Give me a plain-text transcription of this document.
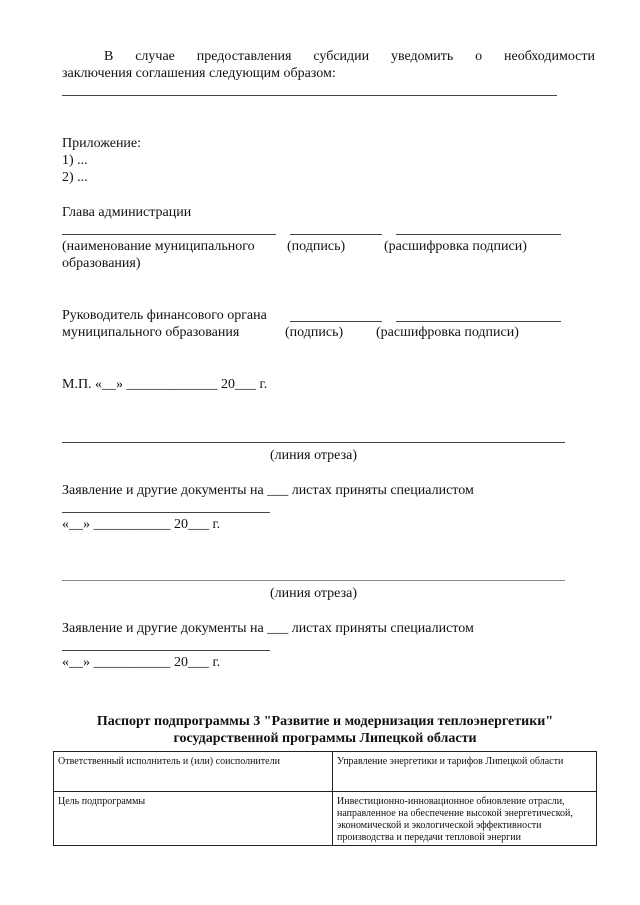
В случае предоставления субсидии уведомить о необходимости
заключения соглашения следующим образом:
Приложение:
1) ...
2) ...
Глава администрации
(наименование муниципального (подпись)	(расшифровка подписи)
образования)
Руководитель финансового органа
муниципального образования	(подпись) (расшифровка подписи)
М.П. «__» _____________ 20___ г.
(линия отреза)
Заявление и другие документы на ___ листах приняты специалистом
«__» ___________ 20___ г.
(линия отреза)
Заявление и другие документы на ___ листах приняты специалистом
«__» ___________ 20___ г.
Паспорт подпрограммы 3 "Развитие и модернизация теплоэнергетики"
государственной программы Липецкой области
Ответственный исполнитель и (или) соисполнители	Управление энергетики и тарифов Липецкой области
Цель подпрограммы	Инвестиционно-инновационное обновление отрасли, направленное на обеспечение высокой энергетической, экономической и экологической эффективности производства и передачи тепловой энергии
